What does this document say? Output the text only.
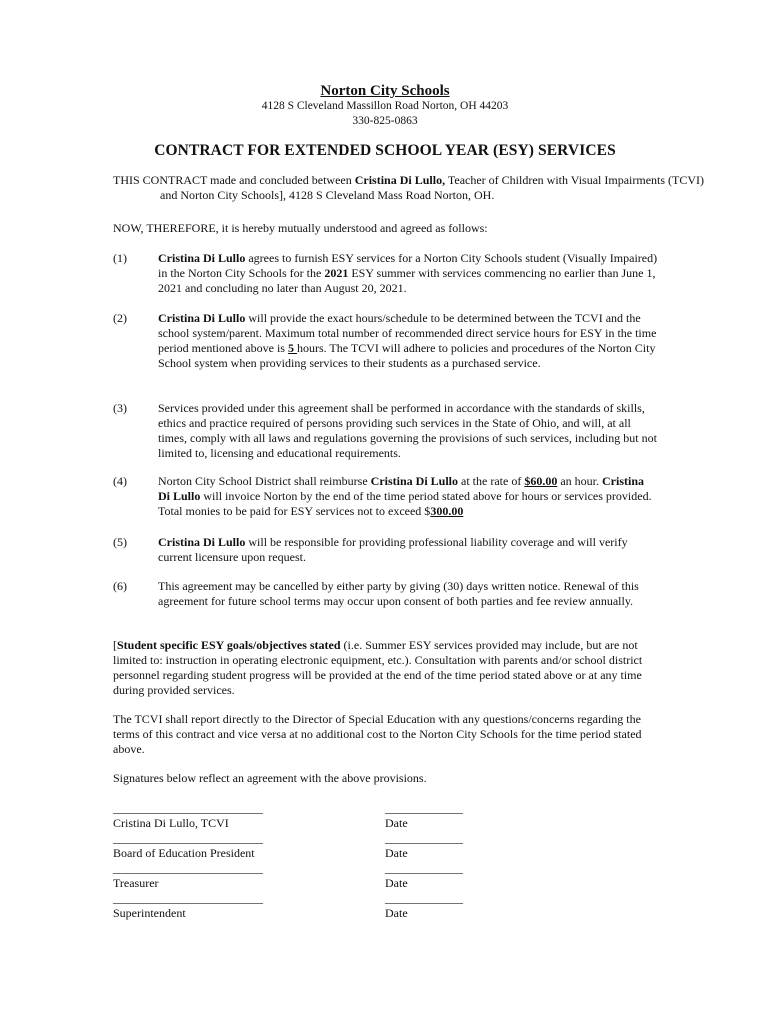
Norton City Schools
4128 S Cleveland Massillon Road Norton, OH 44203
330-825-0863
CONTRACT FOR EXTENDED SCHOOL YEAR (ESY) SERVICES
THIS CONTRACT made and concluded between Cristina Di Lullo, Teacher of Children with Visual Impairments (TCVI) and Norton City Schools], 4128 S Cleveland Mass Road Norton, OH.
NOW, THEREFORE, it is hereby mutually understood and agreed as follows:
(1)	Cristina Di Lullo agrees to furnish ESY services for a Norton City Schools student (Visually Impaired) in the Norton City Schools for the 2021 ESY summer with services commencing no earlier than June 1, 2021 and concluding no later than August 20, 2021.
(2)	Cristina Di Lullo will provide the exact hours/schedule to be determined between the TCVI and the school system/parent. Maximum total number of recommended direct service hours for ESY in the time period mentioned above is 5 hours. The TCVI will adhere to policies and procedures of the Norton City School system when providing services to their students as a purchased service.
(3)	Services provided under this agreement shall be performed in accordance with the standards of skills, ethics and practice required of persons providing such services in the State of Ohio, and will, at all times, comply with all laws and regulations governing the provisions of such services, including but not limited to, licensing and educational requirements.
(4)	Norton City School District shall reimburse Cristina Di Lullo at the rate of $60.00 an hour. Cristina Di Lullo will invoice Norton by the end of the time period stated above for hours or services provided. Total monies to be paid for ESY services not to exceed $300.00
(5)	Cristina Di Lullo will be responsible for providing professional liability coverage and will verify current licensure upon request.
(6)	This agreement may be cancelled by either party by giving (30) days written notice. Renewal of this agreement for future school terms may occur upon consent of both parties and fee review annually.
[Student specific ESY goals/objectives stated (i.e. Summer ESY services provided may include, but are not limited to: instruction in operating electronic equipment, etc.). Consultation with parents and/or school district personnel regarding student progress will be provided at the end of the time period stated above or at any time during provided services.
The TCVI shall report directly to the Director of Special Education with any questions/concerns regarding the terms of this contract and vice versa at no additional cost to the Norton City Schools for the time period stated above.
Signatures below reflect an agreement with the above provisions.
_________________________	_____________
Cristina Di Lullo, TCVI	Date
_________________________	_____________
Board of Education President	Date
_________________________	_____________
Treasurer	Date
_________________________	_____________
Superintendent	Date
